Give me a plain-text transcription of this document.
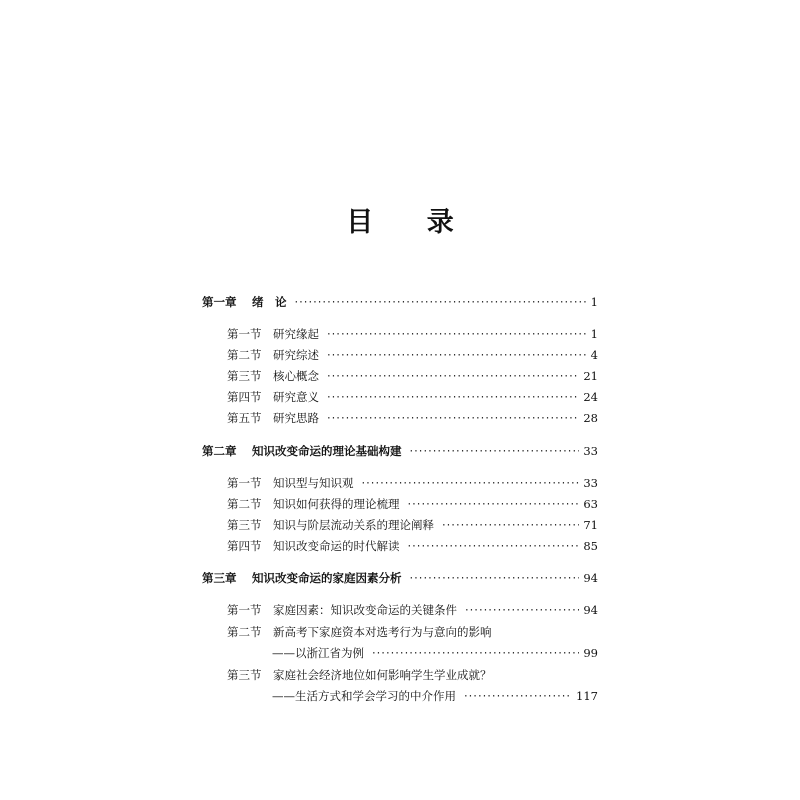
目 录
第一章	绪　论 ·····	1
第一节	研究缘起 ·····	1
第二节	研究综述 ·····	4
第三节	核心概念 ·····	21
第四节	研究意义 ·····	24
第五节	研究思路 ·····	28
第二章	知识改变命运的理论基础构建 ·····	33
第一节	知识型与知识观 ·····	33
第二节	知识如何获得的理论梳理 ·····	63
第三节	知识与阶层流动关系的理论阐释 ·····	71
第四节	知识改变命运的时代解读 ·····	85
第三章	知识改变命运的家庭因素分析 ·····	94
第一节	家庭因素：知识改变命运的关键条件 ·····	94
第二节	新高考下家庭资本对选考行为与意向的影响
——以浙江省为例 ·····	99
第三节	家庭社会经济地位如何影响学生学业成就？
——生活方式和学会学习的中介作用 ·····	117
